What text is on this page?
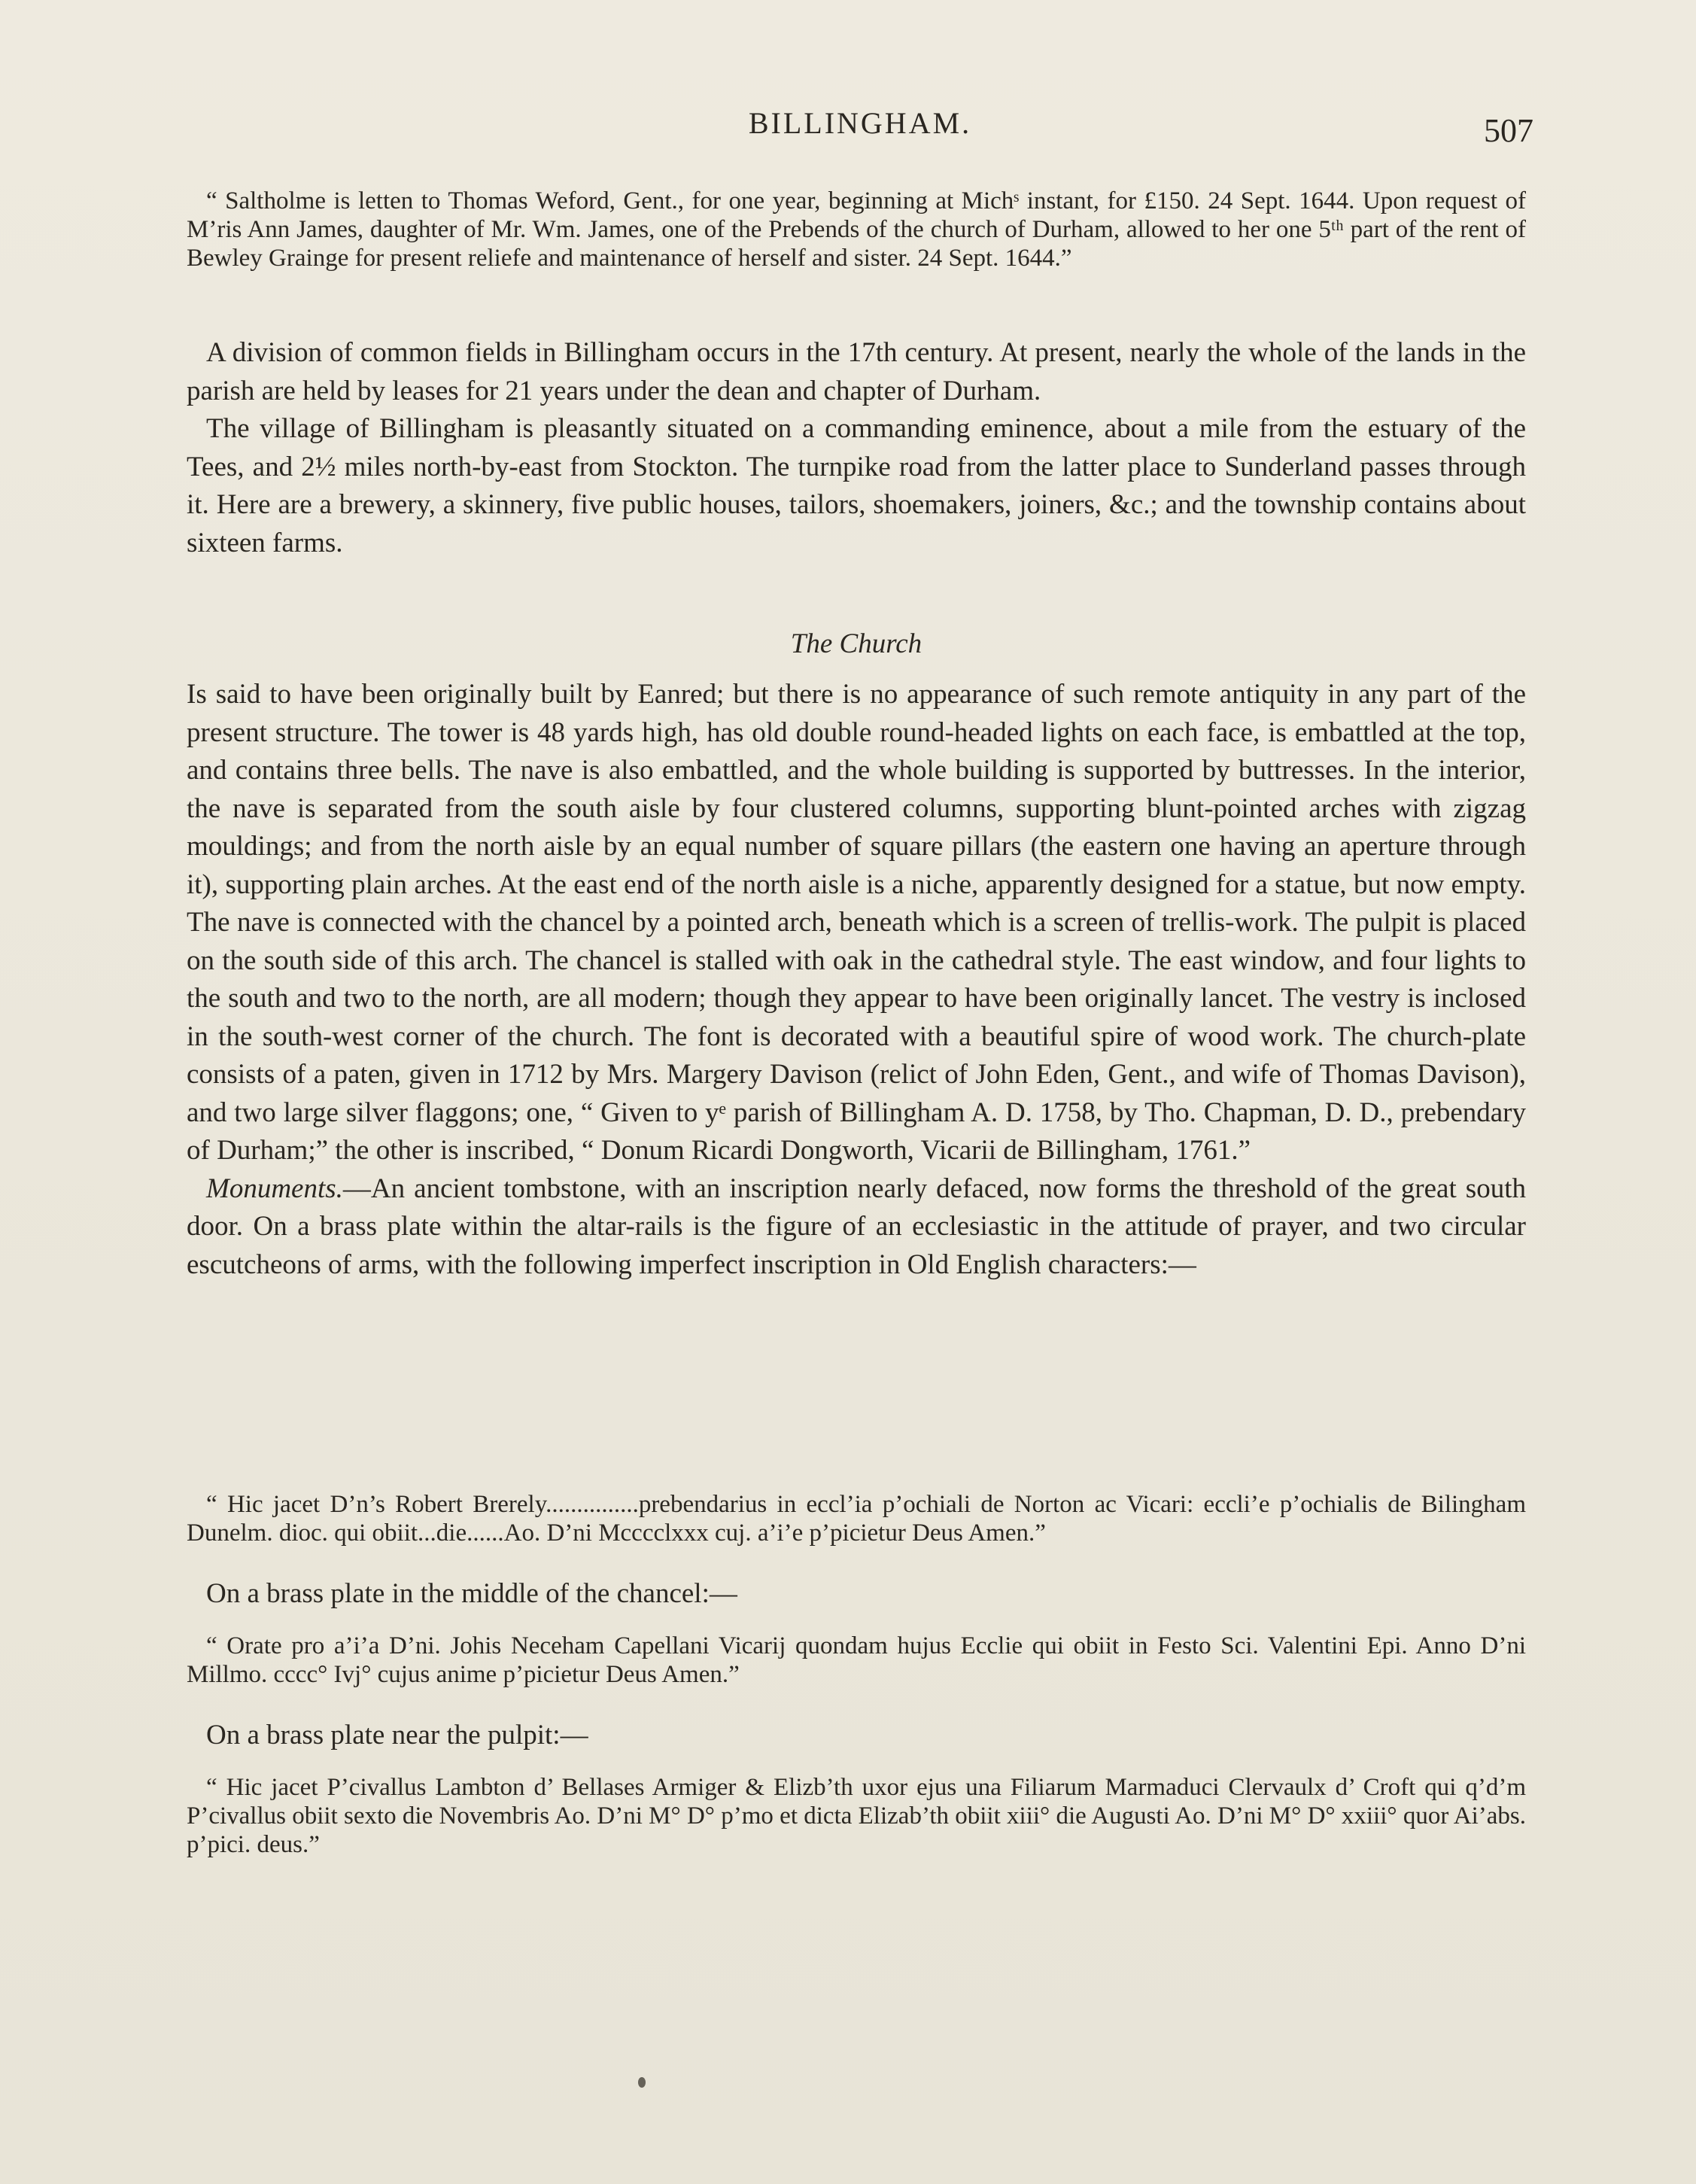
BILLINGHAM.	507
“ Saltholme is letten to Thomas Weford, Gent., for one year, beginning at Michˢ instant, for £150. 24 Sept. 1644. Upon request of M’ris Ann James, daughter of Mr. Wm. James, one of the Prebends of the church of Durham, allowed to her one 5ᵗʰ part of the rent of Bewley Grainge for present reliefe and maintenance of herself and sister. 24 Sept. 1644.”

A division of common fields in Billingham occurs in the 17th century. At present, nearly the whole of the lands in the parish are held by leases for 21 years under the dean and chapter of Durham.

The village of Billingham is pleasantly situated on a commanding eminence, about a mile from the estuary of the Tees, and 2½ miles north-by-east from Stockton. The turnpike road from the latter place to Sunderland passes through it. Here are a brewery, a skinnery, five public houses, tailors, shoemakers, joiners, &c.; and the township contains about sixteen farms.

The Church

Is said to have been originally built by Eanred; but there is no appearance of such remote antiquity in any part of the present structure. The tower is 48 yards high, has old double round-headed lights on each face, is embattled at the top, and contains three bells. The nave is also embattled, and the whole building is supported by buttresses. In the interior, the nave is separated from the south aisle by four clustered columns, supporting blunt-pointed arches with zigzag mouldings; and from the north aisle by an equal number of square pillars (the eastern one having an aperture through it), supporting plain arches. At the east end of the north aisle is a niche, apparently designed for a statue, but now empty. The nave is connected with the chancel by a pointed arch, beneath which is a screen of trellis-work. The pulpit is placed on the south side of this arch. The chancel is stalled with oak in the cathedral style. The east window, and four lights to the south and two to the north, are all modern; though they appear to have been originally lancet. The vestry is inclosed in the south-west corner of the church. The font is decorated with a beautiful spire of wood work. The church-plate consists of a paten, given in 1712 by Mrs. Margery Davison (relict of John Eden, Gent., and wife of Thomas Davison), and two large silver flaggons; one, “ Given to yᵉ parish of Billingham A. D. 1758, by Tho. Chapman, D. D., prebendary of Durham;” the other is inscribed, “ Donum Ricardi Dongworth, Vicarii de Billingham, 1761.”

Monuments.—An ancient tombstone, with an inscription nearly defaced, now forms the threshold of the great south door. On a brass plate within the altar-rails is the figure of an ecclesiastic in the attitude of prayer, and two circular escutcheons of arms, with the following imperfect inscription in Old English characters:—

“ Hic jacet D’n’s Robert Brerely...............prebendarius in eccl’ia p’ochiali de Norton ac Vicari: eccli’e p’ochialis de Bilingham Dunelm. dioc. qui obiit...die......Ao. D’ni Mcccclxxx cuj. a’i’e p’picietur Deus Amen.”
On a brass plate in the middle of the chancel:—
“ Orate pro a’i’a D’ni. Johis Neceham Capellani Vicarij quondam hujus Ecclie qui obiit in Festo Sci. Valentini Epi. Anno D’ni Millmo. cccc° Ivj° cujus anime p’picietur Deus Amen.”
On a brass plate near the pulpit:—
“ Hic jacet P’civallus Lambton d’ Bellases Armiger & Elizb’th uxor ejus una Filiarum Marmaduci Clervaulx d’ Croft qui q’d’m P’civallus obiit sexto die Novembris Ao. D’ni M° D° p’mo et dicta Elizab’th obiit xiii° die Augusti Ao. D’ni M° D° xxiii° quor Ai’abs. p’pici. deus.”
